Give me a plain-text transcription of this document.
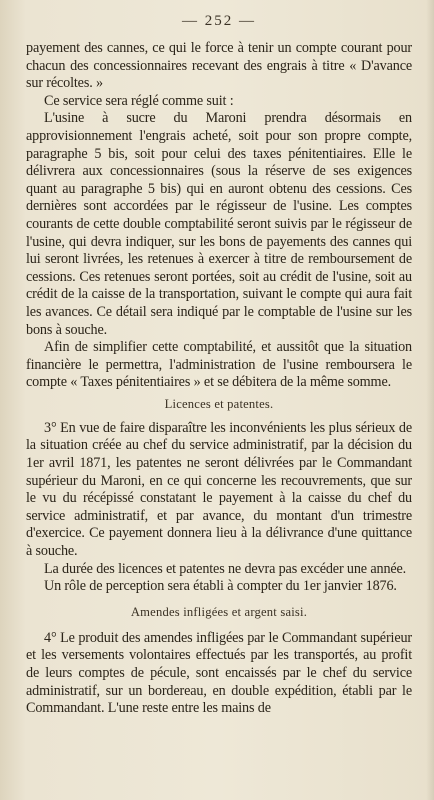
— 252 —

payement des cannes, ce qui le force à tenir un compte courant pour chacun des concessionnaires recevant des engrais à titre « D'avance sur récoltes. »

Ce service sera réglé comme suit :

L'usine à sucre du Maroni prendra désormais en approvisionnement l'engrais acheté, soit pour son propre compte, paragraphe 5 bis, soit pour celui des taxes pénitentiaires. Elle le délivrera aux concessionnaires (sous la réserve de ses exigences quant au paragraphe 5 bis) qui en auront obtenu des cessions. Ces dernières sont accordées par le régisseur de l'usine. Les comptes courants de cette double comptabilité seront suivis par le régisseur de l'usine, qui devra indiquer, sur les bons de payements des cannes qui lui seront livrées, les retenues à exercer à titre de remboursement de cessions. Ces retenues seront portées, soit au crédit de l'usine, soit au crédit de la caisse de la transportation, suivant le compte qui aura fait les avances. Ce détail sera indiqué par le comptable de l'usine sur les bons à souche.

Afin de simplifier cette comptabilité, et aussitôt que la situation financière le permettra, l'administration de l'usine remboursera le compte « Taxes pénitentiaires » et se débitera de la même somme.

Licences et patentes.

3° En vue de faire disparaître les inconvénients les plus sérieux de la situation créée au chef du service administratif, par la décision du 1er avril 1871, les patentes ne seront délivrées par le Commandant supérieur du Maroni, en ce qui concerne les recouvrements, que sur le vu du récépissé constatant le payement à la caisse du chef du service administratif, et par avance, du montant d'un trimestre d'exercice. Ce payement donnera lieu à la délivrance d'une quittance à souche.

La durée des licences et patentes ne devra pas excéder une année.

Un rôle de perception sera établi à compter du 1er janvier 1876.

Amendes infligées et argent saisi.

4° Le produit des amendes infligées par le Commandant supérieur et les versements volontaires effectués par les transportés, au profit de leurs comptes de pécule, sont encaissés par le chef du service administratif, sur un bordereau, en double expédition, établi par le Commandant. L'une reste entre les mains de
